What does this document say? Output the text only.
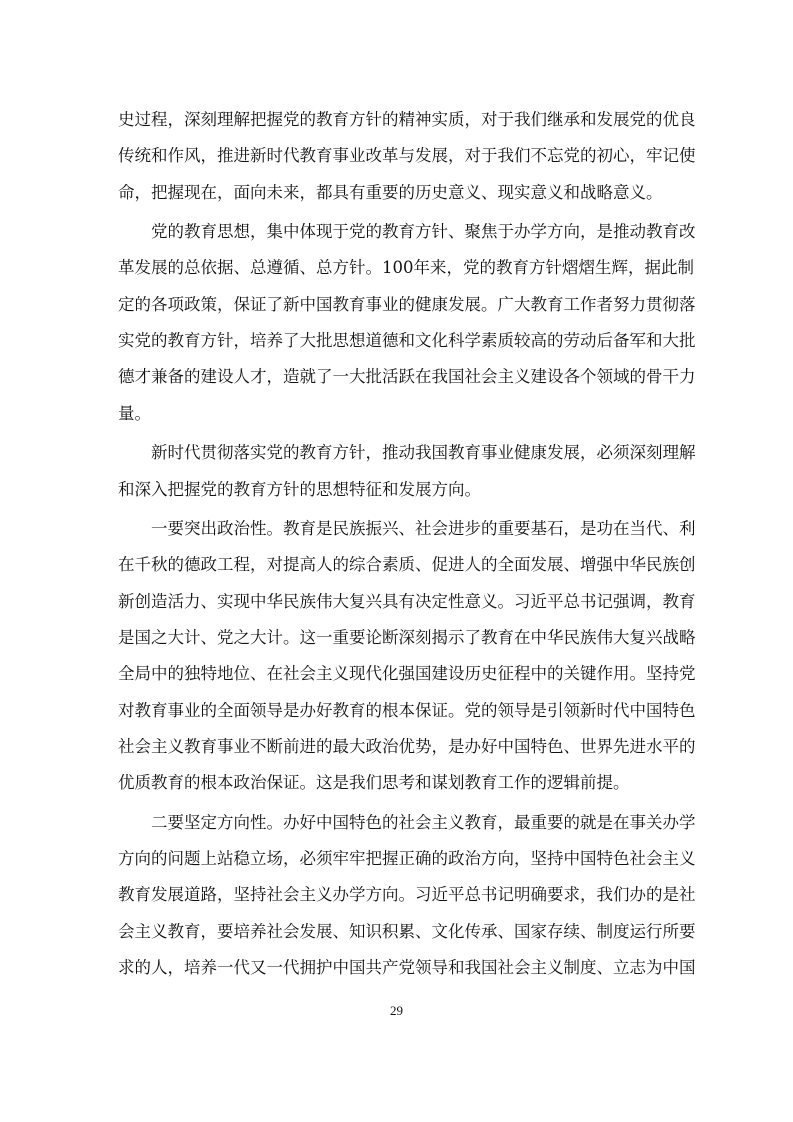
史过程，深刻理解把握党的教育方针的精神实质，对于我们继承和发展党的优良
传统和作风，推进新时代教育事业改革与发展，对于我们不忘党的初心，牢记使
命，把握现在，面向未来，都具有重要的历史意义、现实意义和战略意义。
党的教育思想，集中体现于党的教育方针、聚焦于办学方向，是推动教育改
革发展的总依据、总遵循、总方针。100年来，党的教育方针熠熠生辉，据此制
定的各项政策，保证了新中国教育事业的健康发展。广大教育工作者努力贯彻落
实党的教育方针，培养了大批思想道德和文化科学素质较高的劳动后备军和大批
德才兼备的建设人才，造就了一大批活跃在我国社会主义建设各个领域的骨干力
量。
新时代贯彻落实党的教育方针，推动我国教育事业健康发展，必须深刻理解
和深入把握党的教育方针的思想特征和发展方向。
一要突出政治性。教育是民族振兴、社会进步的重要基石，是功在当代、利
在千秋的德政工程，对提高人的综合素质、促进人的全面发展、增强中华民族创
新创造活力、实现中华民族伟大复兴具有决定性意义。习近平总书记强调，教育
是国之大计、党之大计。这一重要论断深刻揭示了教育在中华民族伟大复兴战略
全局中的独特地位、在社会主义现代化强国建设历史征程中的关键作用。坚持党
对教育事业的全面领导是办好教育的根本保证。党的领导是引领新时代中国特色
社会主义教育事业不断前进的最大政治优势，是办好中国特色、世界先进水平的
优质教育的根本政治保证。这是我们思考和谋划教育工作的逻辑前提。
二要坚定方向性。办好中国特色的社会主义教育，最重要的就是在事关办学
方向的问题上站稳立场，必须牢牢把握正确的政治方向，坚持中国特色社会主义
教育发展道路，坚持社会主义办学方向。习近平总书记明确要求，我们办的是社
会主义教育，要培养社会发展、知识积累、文化传承、国家存续、制度运行所要
求的人，培养一代又一代拥护中国共产党领导和我国社会主义制度、立志为中国
29
